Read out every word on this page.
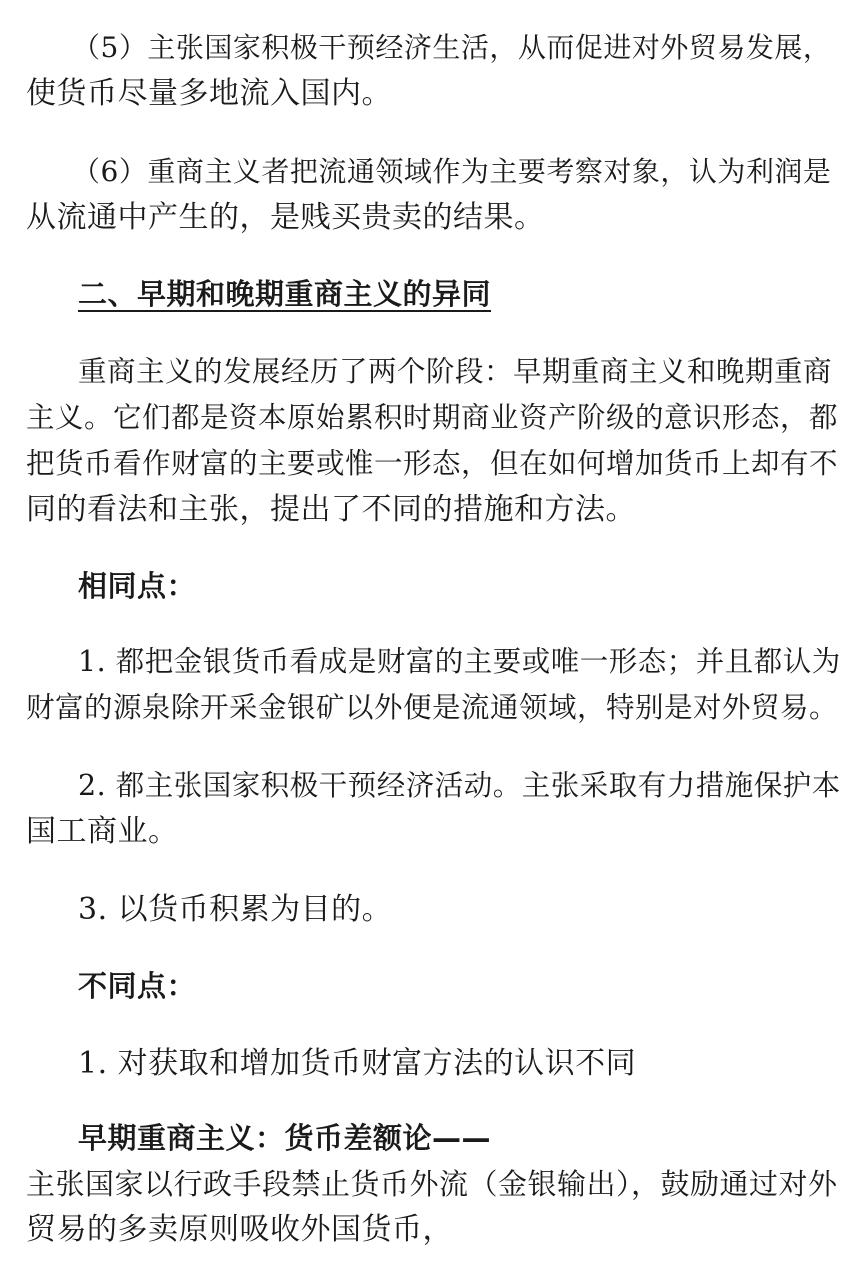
（5）主张国家积极干预经济生活，从而促进对外贸易发展，
使货币尽量多地流入国内。
（6）重商主义者把流通领域作为主要考察对象，认为利润是
从流通中产生的，是贱买贵卖的结果。
二、早期和晚期重商主义的异同
重商主义的发展经历了两个阶段：早期重商主义和晚期重商
主义。它们都是资本原始累积时期商业资产阶级的意识形态，都
把货币看作财富的主要或惟一形态，但在如何增加货币上却有不
同的看法和主张，提出了不同的措施和方法。
相同点：
1. 都把金银货币看成是财富的主要或唯一形态；并且都认为
财富的源泉除开采金银矿以外便是流通领域，特别是对外贸易。
2. 都主张国家积极干预经济活动。主张采取有力措施保护本
国工商业。
3. 以货币积累为目的。
不同点：
1. 对获取和增加货币财富方法的认识不同
早期重商主义：货币差额论——
主张国家以行政手段禁止货币外流（金银输出），鼓励通过对外
贸易的多卖原则吸收外国货币，
